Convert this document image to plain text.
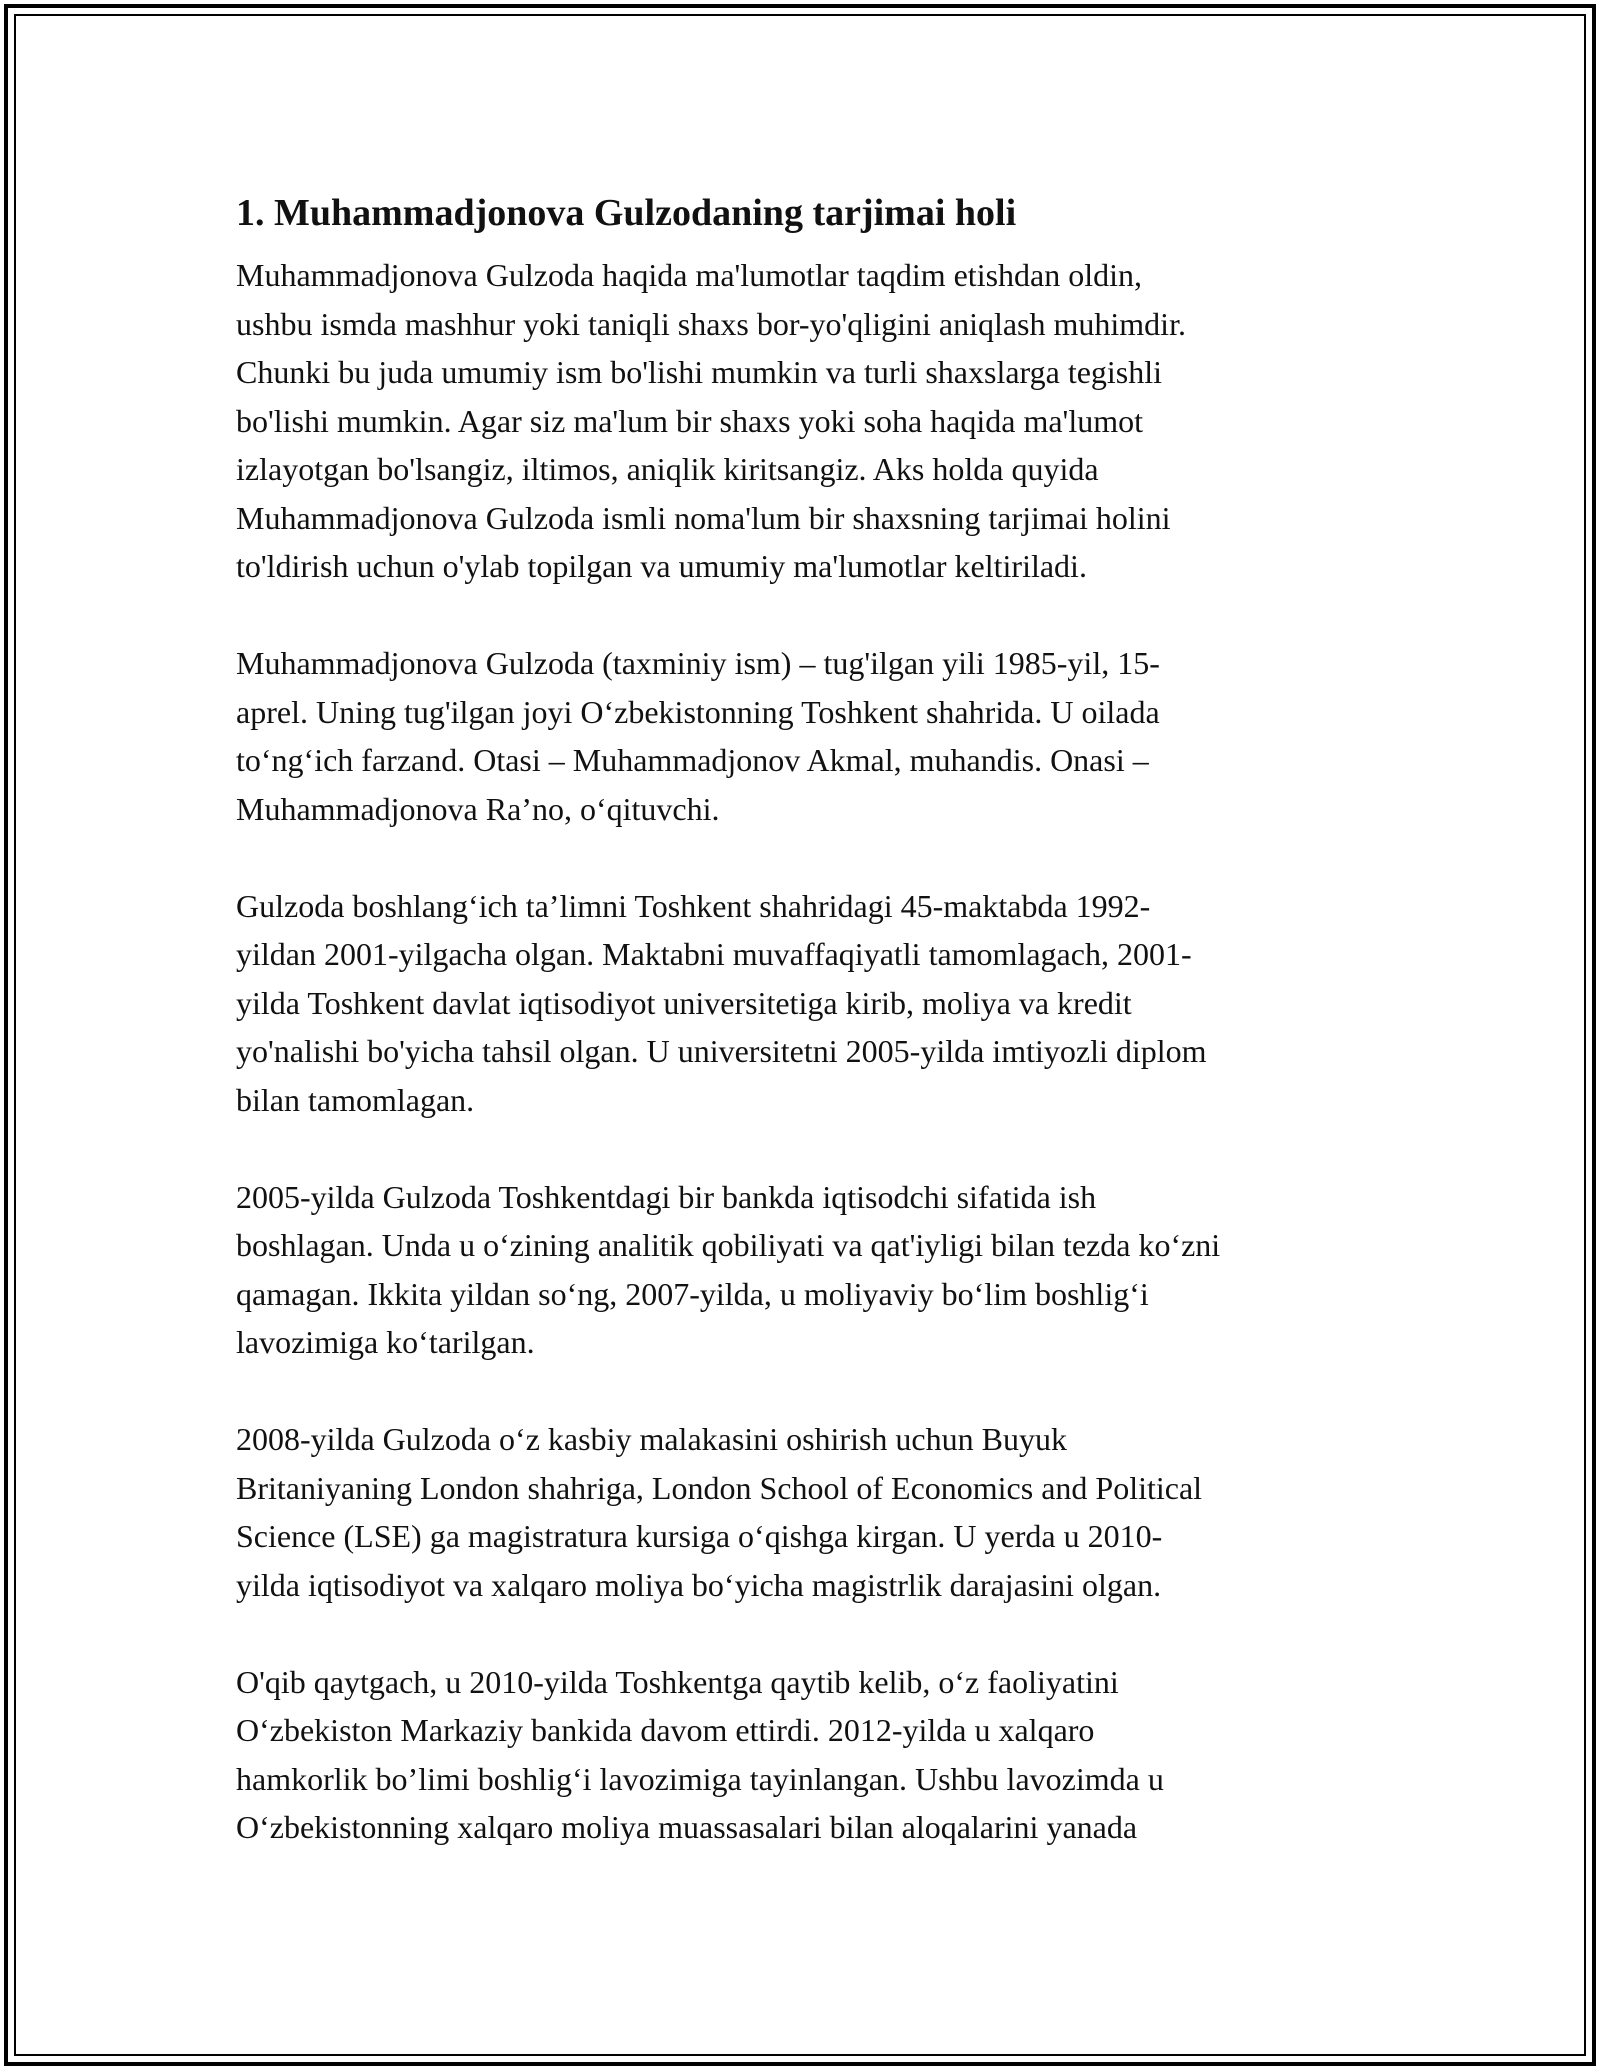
1. Muhammadjonova Gulzodaning tarjimai holi

Muhammadjonova Gulzoda haqida ma'lumotlar taqdim etishdan oldin,
ushbu ismda mashhur yoki taniqli shaxs bor-yo'qligini aniqlash muhimdir.
Chunki bu juda umumiy ism bo'lishi mumkin va turli shaxslarga tegishli
bo'lishi mumkin. Agar siz ma'lum bir shaxs yoki soha haqida ma'lumot
izlayotgan bo'lsangiz, iltimos, aniqlik kiritsangiz. Aks holda quyida
Muhammadjonova Gulzoda ismli noma'lum bir shaxsning tarjimai holini
to'ldirish uchun o'ylab topilgan va umumiy ma'lumotlar keltiriladi.

Muhammadjonova Gulzoda (taxminiy ism) – tug'ilgan yili 1985-yil, 15-
aprel. Uning tug'ilgan joyi O‘zbekistonning Toshkent shahrida. U oilada
to‘ng‘ich farzand. Otasi – Muhammadjonov Akmal, muhandis. Onasi –
Muhammadjonova Ra’no, o‘qituvchi.

Gulzoda boshlang‘ich ta’limni Toshkent shahridagi 45-maktabda 1992-
yildan 2001-yilgacha olgan. Maktabni muvaffaqiyatli tamomlagach, 2001-
yilda Toshkent davlat iqtisodiyot universitetiga kirib, moliya va kredit
yo'nalishi bo'yicha tahsil olgan. U universitetni 2005-yilda imtiyozli diplom
bilan tamomlagan.

2005-yilda Gulzoda Toshkentdagi bir bankda iqtisodchi sifatida ish
boshlagan. Unda u o‘zining analitik qobiliyati va qat'iyligi bilan tezda ko‘zni
qamagan. Ikkita yildan so‘ng, 2007-yilda, u moliyaviy bo‘lim boshlig‘i
lavozimiga ko‘tarilgan.

2008-yilda Gulzoda o‘z kasbiy malakasini oshirish uchun Buyuk
Britaniyaning London shahriga, London School of Economics and Political
Science (LSE) ga magistratura kursiga o‘qishga kirgan. U yerda u 2010-
yilda iqtisodiyot va xalqaro moliya bo‘yicha magistrlik darajasini olgan.

O'qib qaytgach, u 2010-yilda Toshkentga qaytib kelib, o‘z faoliyatini
O‘zbekiston Markaziy bankida davom ettirdi. 2012-yilda u xalqaro
hamkorlik bo’limi boshlig‘i lavozimiga tayinlangan. Ushbu lavozimda u
O‘zbekistonning xalqaro moliya muassasalari bilan aloqalarini yanada
